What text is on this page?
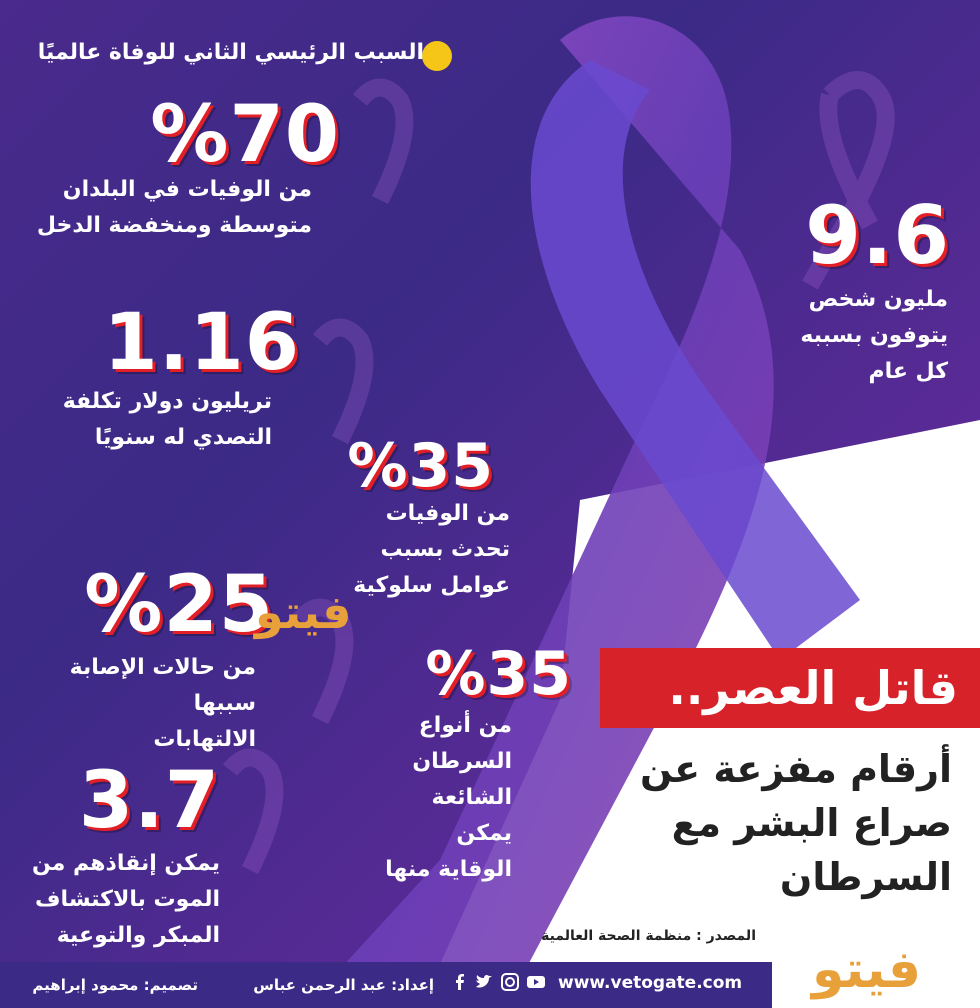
السبب الرئيسي الثاني للوفاة عالميًا
%70
من الوفيات في البلدان
متوسطة ومنخفضة الدخل	9.6
مليون شخص
يتوفون بسببه
كل عام
1.16
تريليون دولار تكلفة
التصدي له سنويًا %35
من الوفيات
تحدث بسبب
عوامل سلوكية
%25
من حالات الإصابة سببها
الالتهابات
فيتو
%35
من أنواع
السرطان
الشائعة
يمكن
الوقاية منها
3.7
يمكن إنقاذهم من
الموت بالاكتشاف
المبكر والتوعية
قاتل العصر..
أرقام مفزعة عن صراع البشر مع السرطان
المصدر : منظمة الصحة العالمية
فيتو
www.vetogate.com
إعداد: عبد الرحمن عباس
تصميم: محمود إبراهيم
